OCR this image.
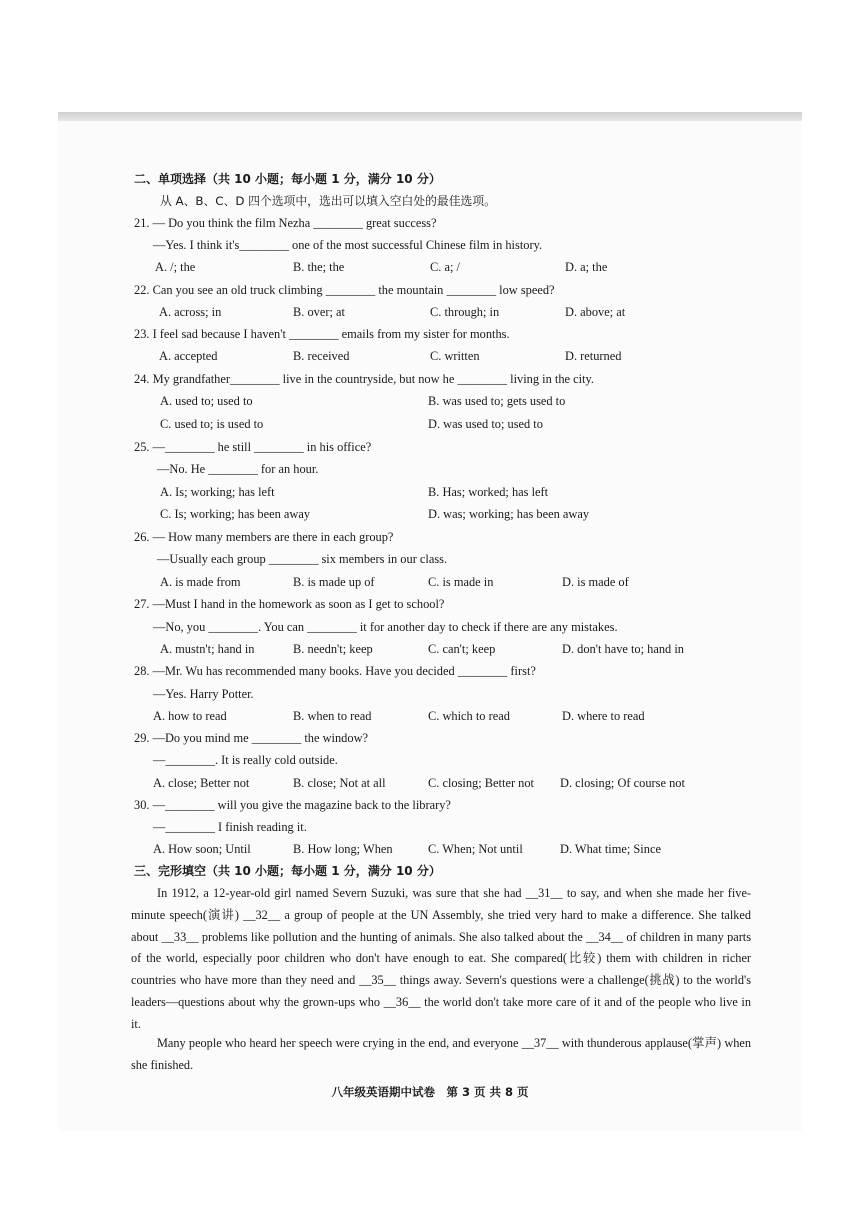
二、单项选择（共 10 小题；每小题 1 分，满分 10 分）
从 A、B、C、D 四个选项中，选出可以填入空白处的最佳选项。
21. — Do you think the film Nezha ________ great success?
—Yes. I think it's________ one of the most successful Chinese film in history.
A. /; the	B. the; the	C. a; /	D. a; the
22. Can you see an old truck climbing ________ the mountain ________ low speed?
A. across; in	B. over; at	C. through; in	D. above; at
23. I feel sad because I haven't ________ emails from my sister for months.
A. accepted	B. received	C. written	D. returned
24. My grandfather________ live in the countryside, but now he ________ living in the city.
A. used to; used to	B. was used to; gets used to
C. used to; is used to	D. was used to; used to
25. —________ he still ________ in his office?
—No. He ________ for an hour.
A. Is; working; has left	B. Has; worked; has left
C. Is; working; has been away	D. was; working; has been away
26. — How many members are there in each group?
—Usually each group ________ six members in our class.
A. is made from	B. is made up of	C. is made in	D. is made of
27. —Must I hand in the homework as soon as I get to school?
—No, you ________. You can ________ it for another day to check if there are any mistakes.
A. mustn't; hand in	B. needn't; keep	C. can't; keep	D. don't have to; hand in
28. —Mr. Wu has recommended many books. Have you decided ________ first?
—Yes. Harry Potter.
A. how to read	B. when to read	C. which to read	D. where to read
29. —Do you mind me ________ the window?
—________. It is really cold outside.
A. close; Better not	B. close; Not at all	C. closing; Better not D. closing; Of course not
30. —________ will you give the magazine back to the library?
—________ I finish reading it.
A. How soon; Until	B. How long; When	C. When; Not until	D. What time; Since
三、完形填空（共 10 小题；每小题 1 分，满分 10 分）
In 1912, a 12-year-old girl named Severn Suzuki, was sure that she had __31__ to say, and when she made her five-minute speech(演讲) __32__ a group of people at the UN Assembly, she tried very hard to make a difference. She talked about __33__ problems like pollution and the hunting of animals. She also talked about the __34__ of children in many parts of the world, especially poor children who don't have enough to eat. She compared(比较) them with children in richer countries who have more than they need and __35__ things away. Severn's questions were a challenge(挑战) to the world's leaders—questions about why the grown-ups who __36__ the world don't take more care of it and of the people who live in it.
Many people who heard her speech were crying in the end, and everyone __37__ with thunderous applause(掌声) when she finished.
八年级英语期中试卷　第 3 页 共 8 页
